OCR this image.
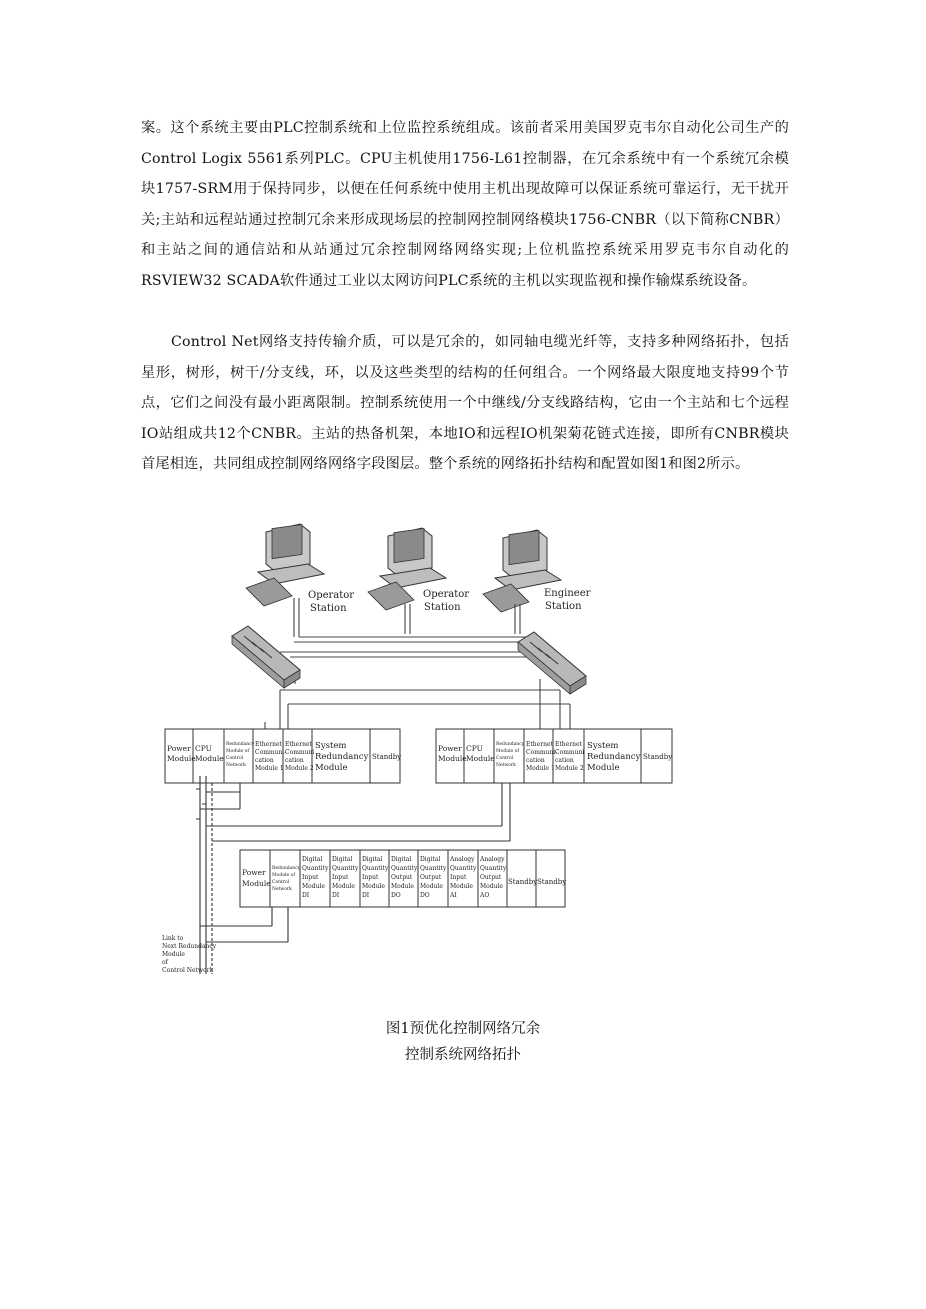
案。这个系统主要由PLC控制系统和上位监控系统组成。该前者采用美国罗克韦尔自动化公司生产的Control Logix 5561系列PLC。CPU主机使用1756-L61控制器，在冗余系统中有一个系统冗余模块1757-SRM用于保持同步，以便在任何系统中使用主机出现故障可以保证系统可靠运行，无干扰开关;主站和远程站通过控制冗余来形成现场层的控制网控制网络模块1756-CNBR（以下简称CNBR）和主站之间的通信站和从站通过冗余控制网络网络实现;上位机监控系统采用罗克韦尔自动化的RSVIEW32 SCADA软件通过工业以太网访问PLC系统的主机以实现监视和操作输煤系统设备。

Control Net网络支持传输介质，可以是冗余的，如同轴电缆光纤等，支持多种网络拓扑，包括星形，树形，树干/分支线，环，以及这些类型的结构的任何组合。一个网络最大限度地支持99个节点，它们之间没有最小距离限制。控制系统使用一个中继线/分支线路结构，它由一个主站和七个远程IO站组成共12个CNBR。主站的热备机架，本地IO和远程IO机架菊花链式连接，即所有CNBR模块首尾相连，共同组成控制网络网络字段图层。整个系统的网络拓扑结构和配置如图1和图2所示。

Operator
Station
Operator
Station
Engineer
Station
Power
Module
CPU
Module
Redundancy
Module of
Control
Network
Ethernet
Communi-
cation
Module 1
Ethernet
Communi
cation
Module 2
System
Redundancy
Module
Standby
Power
Module
CPU
Module
Redundancy
Module of
Control
Network
Ethernet
Communi-
cation
Module 1
Ethernet
Communi
cation
Module 2
System
Redundancy
Module
Standby
Power
Module
Redundancy
Module of
Control
Network
Digital
Quantity
Input
Module
DI
Digital
Quantity
Input
Module
DI
Digital
Quantity
Input
Module
DI
Digital
Quantity
Output
Module
DO
Digital
Quantity
Output
Module
DO
Analogy
Quantity
Input
Module
AI
Analogy
Quantity
Output
Module
AO
Standby Standby
Link to
Next Redundancy
Module
of
Control Network

图1预优化控制网络冗余

控制系统网络拓扑
